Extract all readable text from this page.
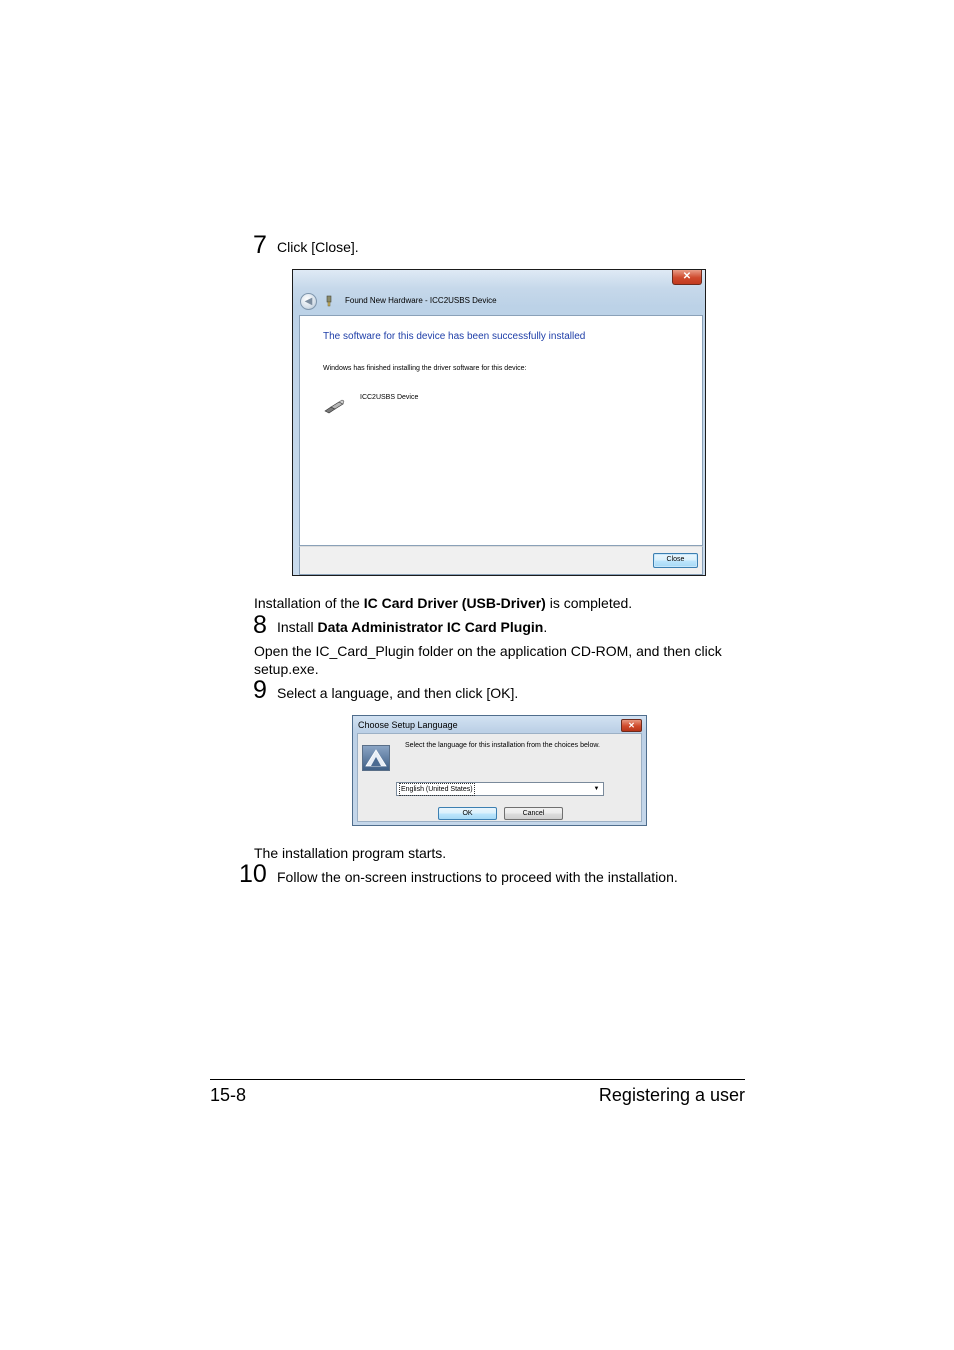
7 Click [Close].
✕
◀	Found New Hardware - ICC2USBS Device
The software for this device has been successfully installed
Windows has finished installing the driver software for this device:
ICC2USBS Device
Close
Installation of the IC Card Driver (USB-Driver) is completed.
8 Install Data Administrator IC Card Plugin.
Open the IC_Card_Plugin folder on the application CD-ROM, and then click
setup.exe.
9 Select a language, and then click [OK].
Choose Setup Language	✕
Select the language for this installation from the choices below.
English (United States)	▼
OK	Cancel
The installation program starts.
10 Follow the on-screen instructions to proceed with the installation.
15-8	Registering a user
